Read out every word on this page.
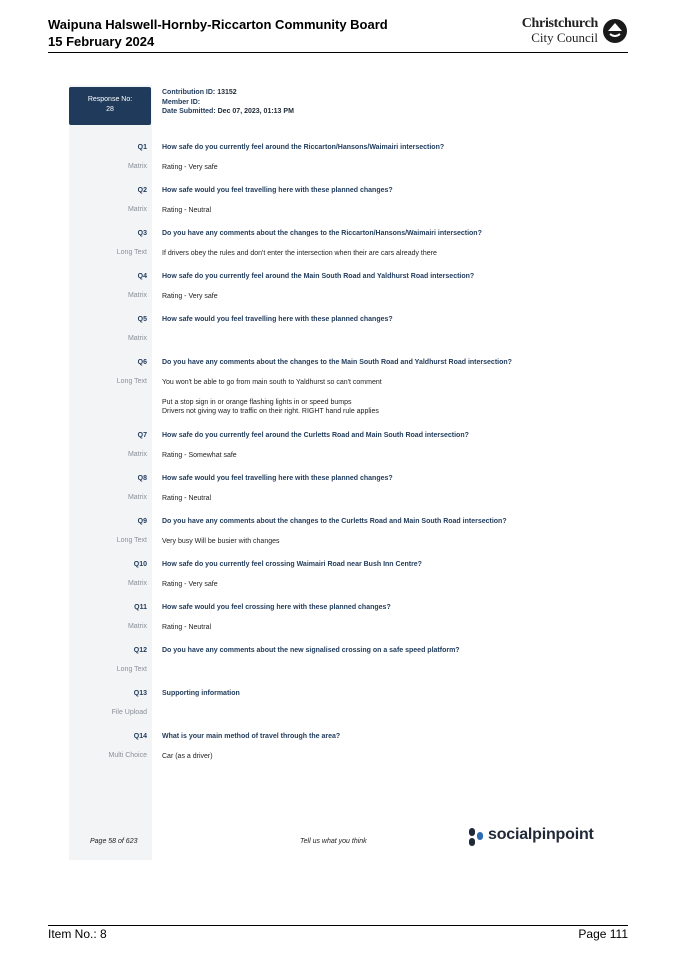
Waipuna Halswell-Hornby-Riccarton Community Board
15 February 2024
Christchurch
City Council
Response No:
28
Contribution ID: 13152
Member ID:
Date Submitted: Dec 07, 2023, 01:13 PM
Q1 How safe do you currently feel around the Riccarton/Hansons/Waimairi intersection?
Matrix Rating - Very safe
Q2 How safe would you feel travelling here with these planned changes?
Matrix Rating - Neutral
Q3 Do you have any comments about the changes to the Riccarton/Hansons/Waimairi intersection?
Long Text If drivers obey the rules and don't enter the intersection when their are cars already there
Q4 How safe do you currently feel around the Main South Road and Yaldhurst Road intersection?
Matrix Rating - Very safe
Q5 How safe would you feel travelling here with these planned changes?
Matrix
Q6 Do you have any comments about the changes to the Main South Road and Yaldhurst Road intersection?
Long Text You won't be able to go from main south to Yaldhurst so can't comment
Put a stop sign in or orange flashing lights in or speed bumps
Drivers not giving way to traffic on their right. RIGHT hand rule applies
Q7 How safe do you currently feel around the Curletts Road and Main South Road intersection?
Matrix Rating - Somewhat safe
Q8 How safe would you feel travelling here with these planned changes?
Matrix Rating - Neutral
Q9 Do you have any comments about the changes to the Curletts Road and Main South Road intersection?
Long Text Very busy Will be busier with changes
Q10 How safe do you currently feel crossing Waimairi Road near Bush Inn Centre?
Matrix Rating - Very safe
Q11 How safe would you feel crossing here with these planned changes?
Matrix Rating - Neutral
Q12 Do you have any comments about the new signalised crossing on a safe speed platform?
Long Text
Q13 Supporting information
File Upload
Q14 What is your main method of travel through the area?
Multi Choice Car (as a driver)
Page 58 of 623	Tell us what you think	socialpinpoint
Item No.: 8	Page 111
